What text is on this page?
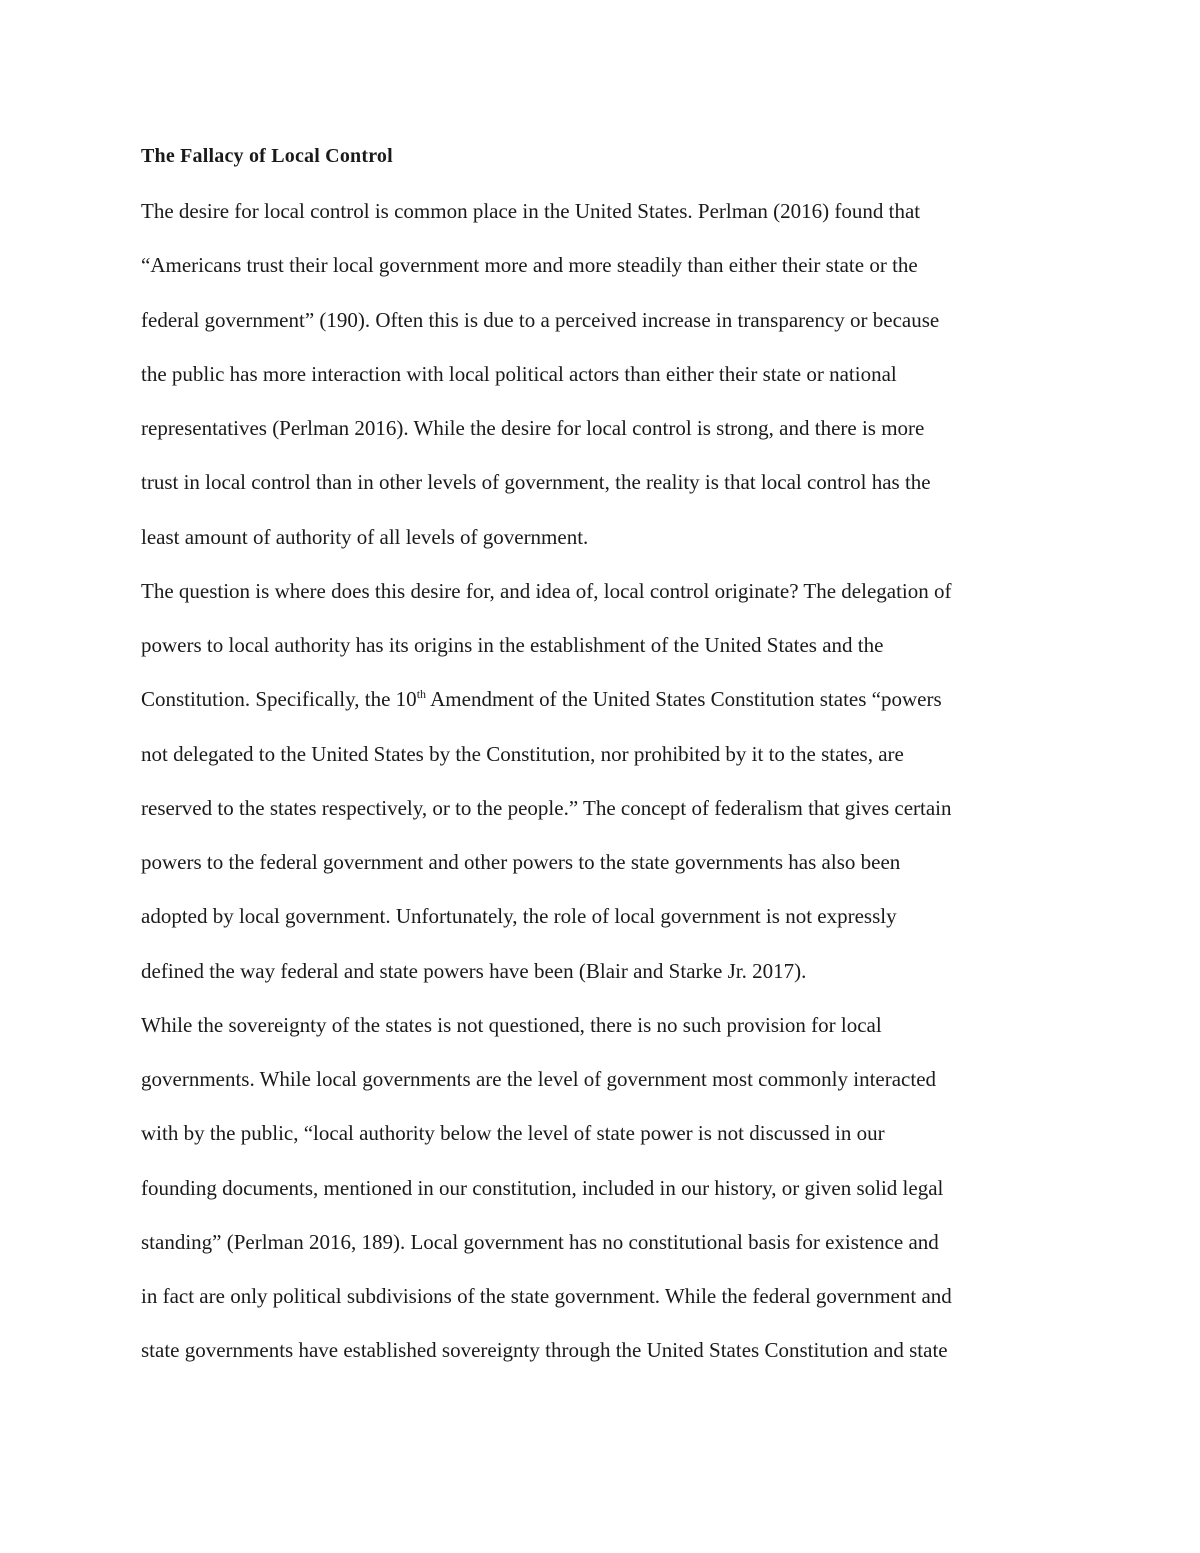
The Fallacy of Local Control
The desire for local control is common place in the United States. Perlman (2016) found that
“Americans trust their local government more and more steadily than either their state or the
federal government” (190). Often this is due to a perceived increase in transparency or because
the public has more interaction with local political actors than either their state or national
representatives (Perlman 2016). While the desire for local control is strong, and there is more
trust in local control than in other levels of government, the reality is that local control has the
least amount of authority of all levels of government.
The question is where does this desire for, and idea of, local control originate? The delegation of
powers to local authority has its origins in the establishment of the United States and the
Constitution. Specifically, the 10th Amendment of the United States Constitution states “powers
not delegated to the United States by the Constitution, nor prohibited by it to the states, are
reserved to the states respectively, or to the people.” The concept of federalism that gives certain
powers to the federal government and other powers to the state governments has also been
adopted by local government. Unfortunately, the role of local government is not expressly
defined the way federal and state powers have been (Blair and Starke Jr. 2017).
While the sovereignty of the states is not questioned, there is no such provision for local
governments. While local governments are the level of government most commonly interacted
with by the public, “local authority below the level of state power is not discussed in our
founding documents, mentioned in our constitution, included in our history, or given solid legal
standing” (Perlman 2016, 189). Local government has no constitutional basis for existence and
in fact are only political subdivisions of the state government. While the federal government and
state governments have established sovereignty through the United States Constitution and state
